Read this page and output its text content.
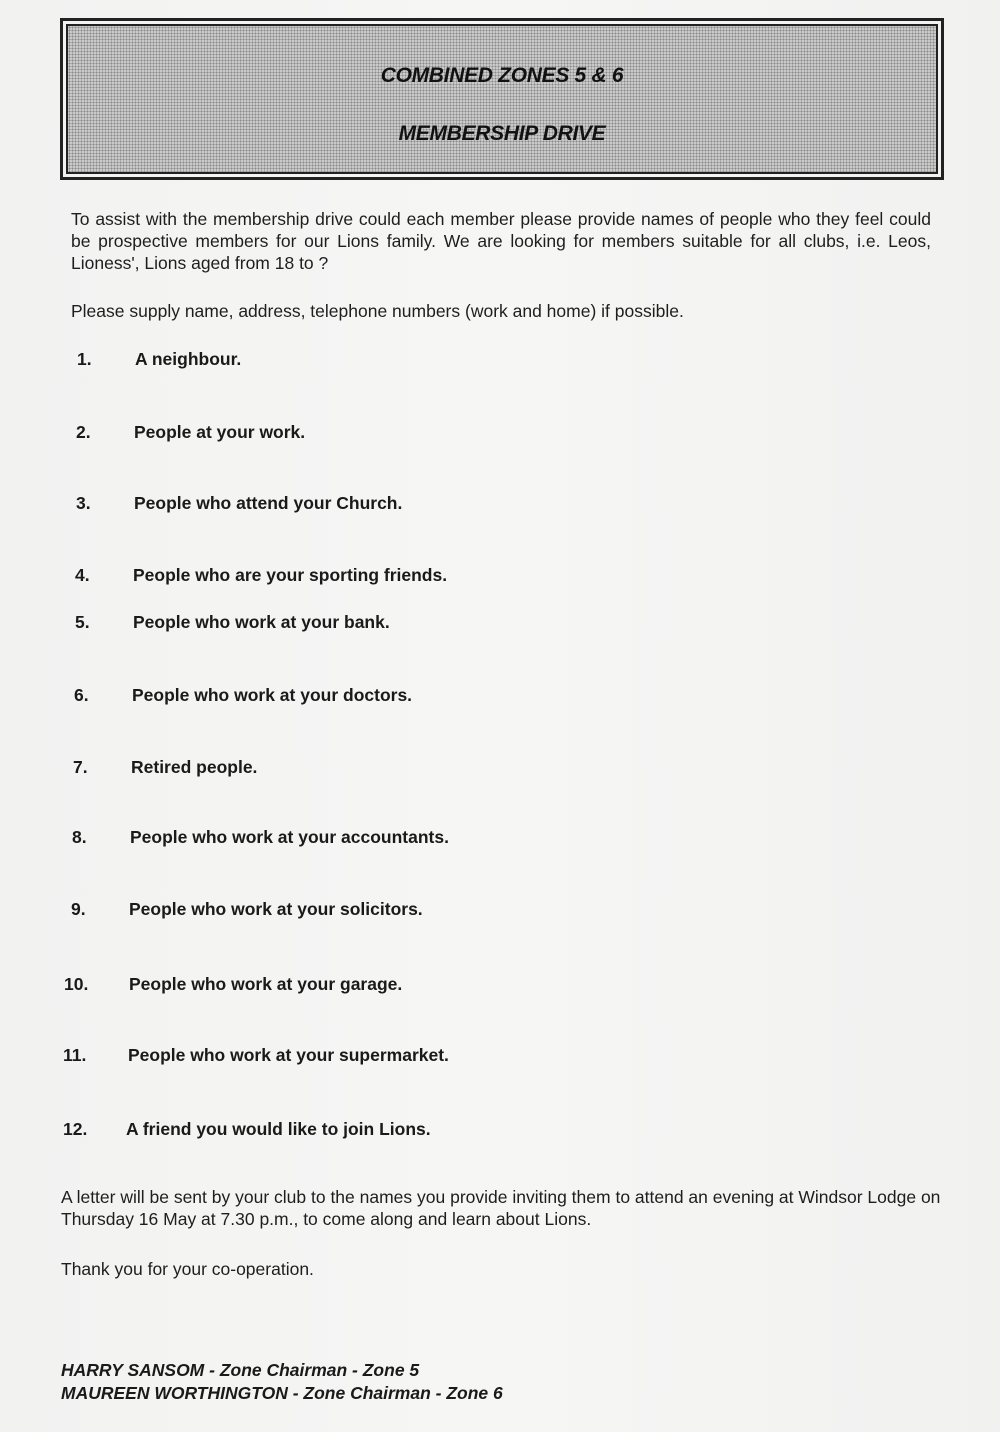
COMBINED ZONES 5 & 6
MEMBERSHIP DRIVE
To assist with the membership drive could each member please provide names of people who they feel could be prospective members for our Lions family. We are looking for members suitable for all clubs, i.e. Leos, Lioness', Lions aged from 18 to ?
Please supply name, address, telephone numbers (work and home) if possible.
1. A neighbour.
2. People at your work.
3. People who attend your Church.
4. People who are your sporting friends.
5. People who work at your bank.
6. People who work at your doctors.
7. Retired people.
8. People who work at your accountants.
9. People who work at your solicitors.
10. People who work at your garage.
11. People who work at your supermarket.
12. A friend you would like to join Lions.
A letter will be sent by your club to the names you provide inviting them to attend an evening at Windsor Lodge on Thursday 16 May at 7.30 p.m., to come along and learn about Lions.
Thank you for your co-operation.
HARRY SANSOM - Zone Chairman - Zone 5
MAUREEN WORTHINGTON - Zone Chairman - Zone 6
